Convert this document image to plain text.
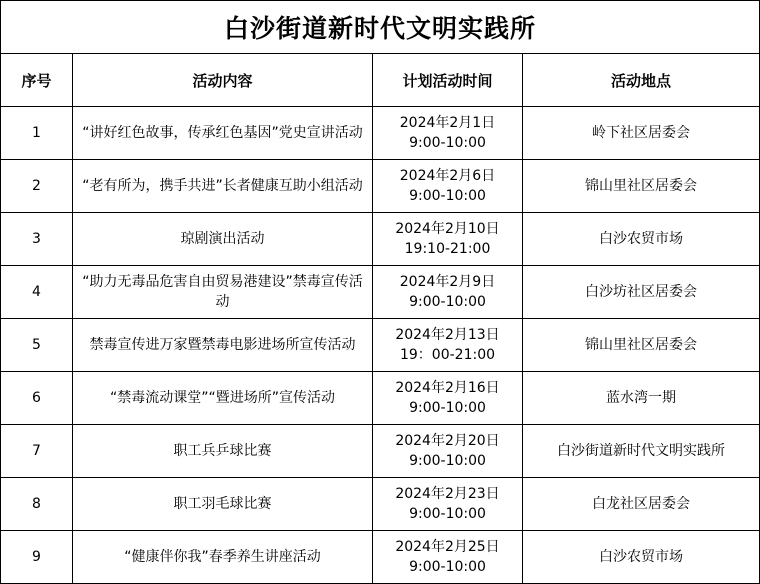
白沙街道新时代文明实践所			
序号	活动内容	计划活动时间	活动地点
1	“讲好红色故事，传承红色基因”党史宣讲活动	2024年2月1日
9:00-10:00	岭下社区居委会
2	“老有所为，携手共进”长者健康互助小组活动	2024年2月6日
9:00-10:00	锦山里社区居委会
3	琼剧演出活动	2024年2月10日
19:10-21:00	白沙农贸市场
4	“助力无毒品危害自由贸易港建设”禁毒宣传活动	2024年2月9日
9:00-10:00	白沙坊社区居委会
5	禁毒宣传进万家暨禁毒电影进场所宣传活动	2024年2月13日
19：00-21:00	锦山里社区居委会
6	“禁毒流动课堂”“暨进场所”宣传活动	2024年2月16日
9:00-10:00	蓝水湾一期
7	职工兵乒球比赛	2024年2月20日
9:00-10:00	白沙街道新时代文明实践所
8	职工羽毛球比赛	2024年2月23日
9:00-10:00	白龙社区居委会
9	“健康伴你我”春季养生讲座活动	2024年2月25日
9:00-10:00	白沙农贸市场
